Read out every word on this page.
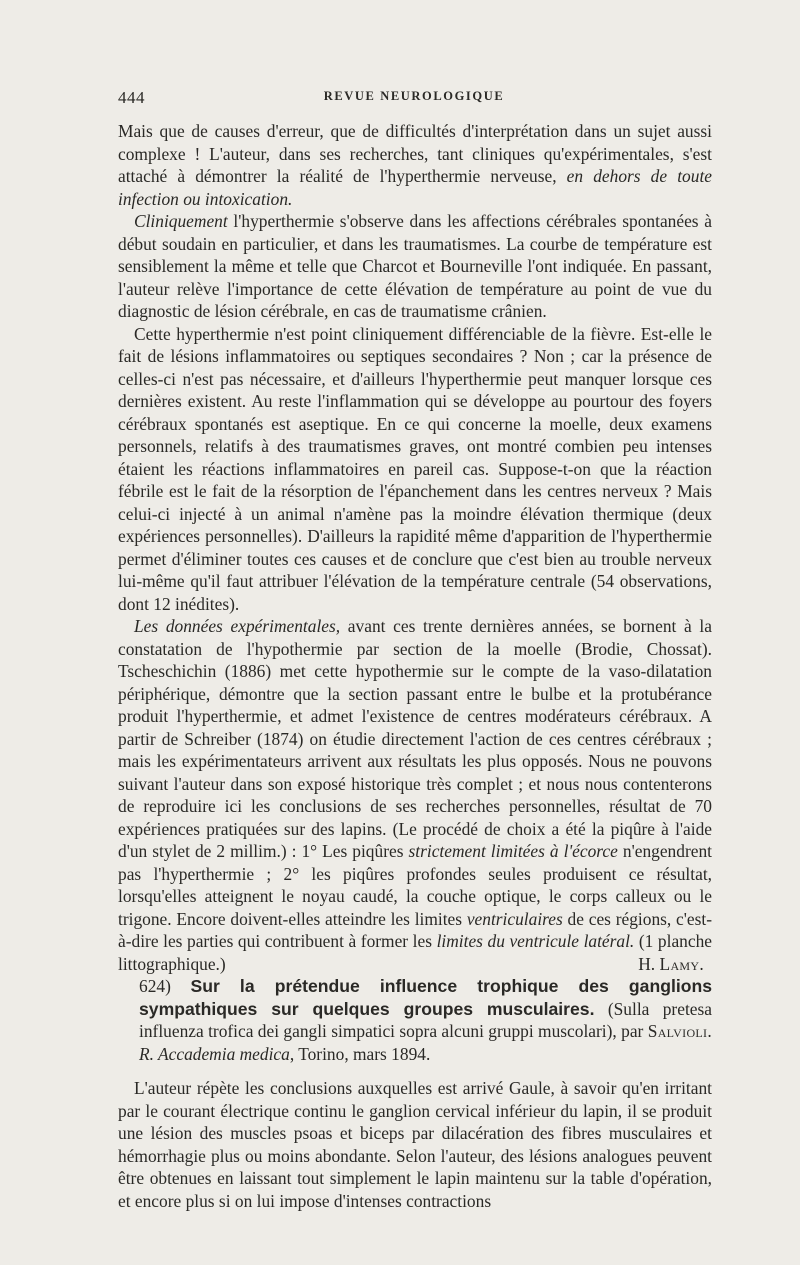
444	REVUE NEUROLOGIQUE

Mais que de causes d'erreur, que de difficultés d'interprétation dans un sujet aussi complexe ! L'auteur, dans ses recherches, tant cliniques qu'expérimentales, s'est attaché à démontrer la réalité de l'hyperthermie nerveuse, en dehors de toute infection ou intoxication.

Cliniquement l'hyperthermie s'observe dans les affections cérébrales spontanées à début soudain en particulier, et dans les traumatismes. La courbe de température est sensiblement la même et telle que Charcot et Bourneville l'ont indiquée. En passant, l'auteur relève l'importance de cette élévation de température au point de vue du diagnostic de lésion cérébrale, en cas de traumatisme crânien.

Cette hyperthermie n'est point cliniquement différenciable de la fièvre. Est-elle le fait de lésions inflammatoires ou septiques secondaires ? Non ; car la présence de celles-ci n'est pas nécessaire, et d'ailleurs l'hyperthermie peut manquer lorsque ces dernières existent. Au reste l'inflammation qui se développe au pourtour des foyers cérébraux spontanés est aseptique. En ce qui concerne la moelle, deux examens personnels, relatifs à des traumatismes graves, ont montré combien peu intenses étaient les réactions inflammatoires en pareil cas. Suppose-t-on que la réaction fébrile est le fait de la résorption de l'épanchement dans les centres nerveux ? Mais celui-ci injecté à un animal n'amène pas la moindre élévation thermique (deux expériences personnelles). D'ailleurs la rapidité même d'apparition de l'hyperthermie permet d'éliminer toutes ces causes et de conclure que c'est bien au trouble nerveux lui-même qu'il faut attribuer l'élévation de la température centrale (54 observations, dont 12 inédites).

Les données expérimentales, avant ces trente dernières années, se bornent à la constatation de l'hypothermie par section de la moelle (Brodie, Chossat). Tscheschichin (1886) met cette hypothermie sur le compte de la vaso-dilatation périphérique, démontre que la section passant entre le bulbe et la protubérance produit l'hyperthermie, et admet l'existence de centres modérateurs cérébraux. A partir de Schreiber (1874) on étudie directement l'action de ces centres cérébraux ; mais les expérimentateurs arrivent aux résultats les plus opposés. Nous ne pouvons suivant l'auteur dans son exposé historique très complet ; et nous nous contenterons de reproduire ici les conclusions de ses recherches personnelles, résultat de 70 expériences pratiquées sur des lapins. (Le procédé de choix a été la piqûre à l'aide d'un stylet de 2 millim.) : 1° Les piqûres strictement limitées à l'écorce n'engendrent pas l'hyperthermie ; 2° les piqûres profondes seules produisent ce résultat, lorsqu'elles atteignent le noyau caudé, la couche optique, le corps calleux ou le trigone. Encore doivent-elles atteindre les limites ventriculaires de ces régions, c'est-à-dire les parties qui contribuent à former les limites du ventricule latéral. (1 planche littographique.)	H. Lamy.

624) Sur la prétendue influence trophique des ganglions sympathiques sur quelques groupes musculaires. (Sulla pretesa influenza trofica dei gangli simpatici sopra alcuni gruppi muscolari), par Salvioli. R. Accademia medica, Torino, mars 1894.

L'auteur répète les conclusions auxquelles est arrivé Gaule, à savoir qu'en irritant par le courant électrique continu le ganglion cervical inférieur du lapin, il se produit une lésion des muscles psoas et biceps par dilacération des fibres musculaires et hémorrhagie plus ou moins abondante. Selon l'auteur, des lésions analogues peuvent être obtenues en laissant tout simplement le lapin maintenu sur la table d'opération, et encore plus si on lui impose d'intenses contractions
